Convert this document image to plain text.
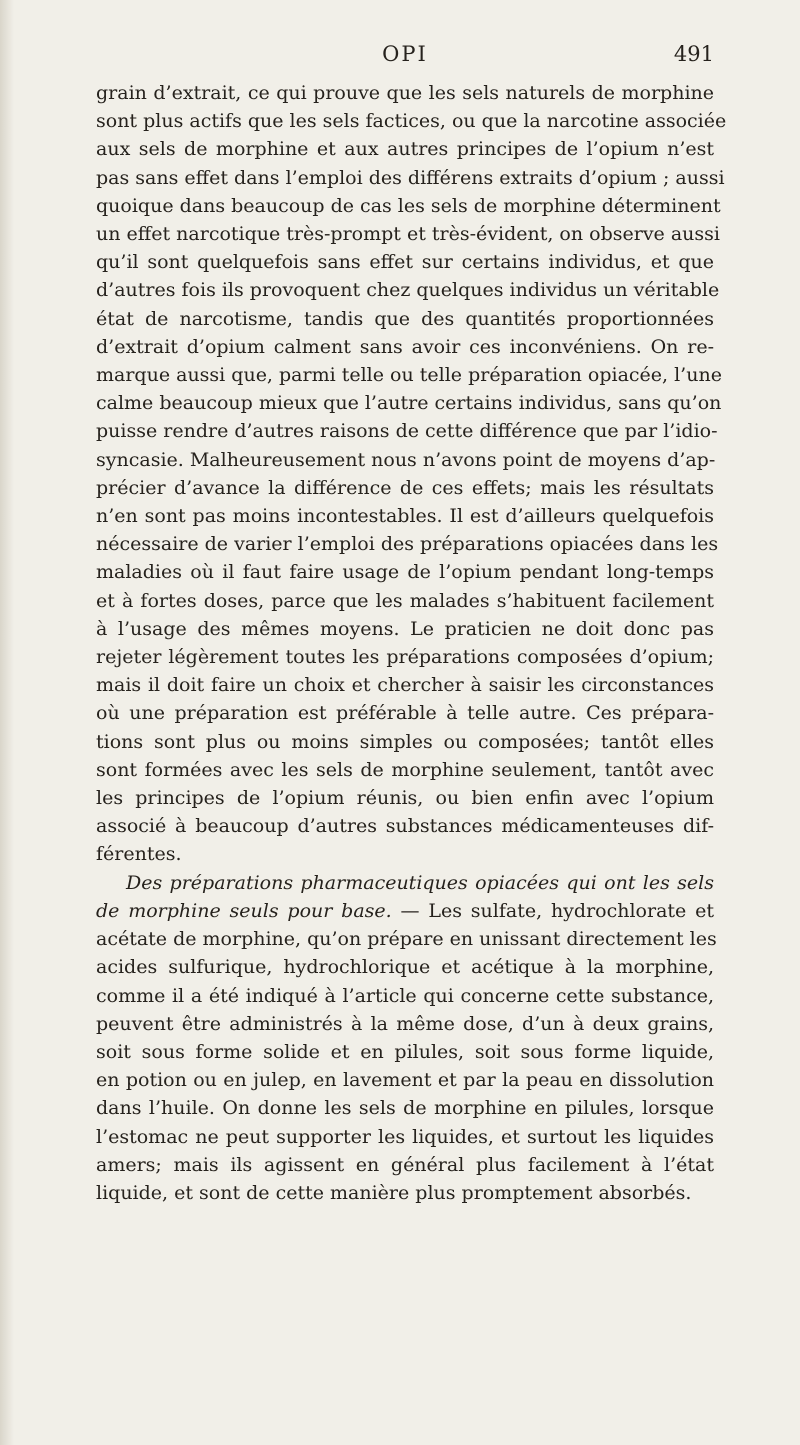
OPI	491
grain d’extrait, ce qui prouve que les sels naturels de morphine
sont plus actifs que les sels factices, ou que la narcotine associée
aux sels de morphine et aux autres principes de l’opium n’est
pas sans effet dans l’emploi des différens extraits d’opium ; aussi
quoique dans beaucoup de cas les sels de morphine déterminent
un effet narcotique très-prompt et très-évident, on observe aussi
qu’il sont quelquefois sans effet sur certains individus, et que
d’autres fois ils provoquent chez quelques individus un véritable
état de narcotisme, tandis que des quantités proportionnées
d’extrait d’opium calment sans avoir ces inconvéniens. On re-
marque aussi que, parmi telle ou telle préparation opiacée, l’une
calme beaucoup mieux que l’autre certains individus, sans qu’on
puisse rendre d’autres raisons de cette différence que par l’idio-
syncasie. Malheureusement nous n’avons point de moyens d’ap-
précier d’avance la différence de ces effets; mais les résultats
n’en sont pas moins incontestables. Il est d’ailleurs quelquefois
nécessaire de varier l’emploi des préparations opiacées dans les
maladies où il faut faire usage de l’opium pendant long-temps
et à fortes doses, parce que les malades s’habituent facilement
à l’usage des mêmes moyens. Le praticien ne doit donc pas
rejeter légèrement toutes les préparations composées d’opium;
mais il doit faire un choix et chercher à saisir les circonstances
où une préparation est préférable à telle autre. Ces prépara-
tions sont plus ou moins simples ou composées; tantôt elles
sont formées avec les sels de morphine seulement, tantôt avec
les principes de l’opium réunis, ou bien enfin avec l’opium
associé à beaucoup d’autres substances médicamenteuses dif-
férentes.
Des préparations pharmaceutiques opiacées qui ont les sels
de morphine seuls pour base. — Les sulfate, hydrochlorate et
acétate de morphine, qu’on prépare en unissant directement les
acides sulfurique, hydrochlorique et acétique à la morphine,
comme il a été indiqué à l’article qui concerne cette substance,
peuvent être administrés à la même dose, d’un à deux grains,
soit sous forme solide et en pilules, soit sous forme liquide,
en potion ou en julep, en lavement et par la peau en dissolution
dans l’huile. On donne les sels de morphine en pilules, lorsque
l’estomac ne peut supporter les liquides, et surtout les liquides
amers; mais ils agissent en général plus facilement à l’état
liquide, et sont de cette manière plus promptement absorbés.
